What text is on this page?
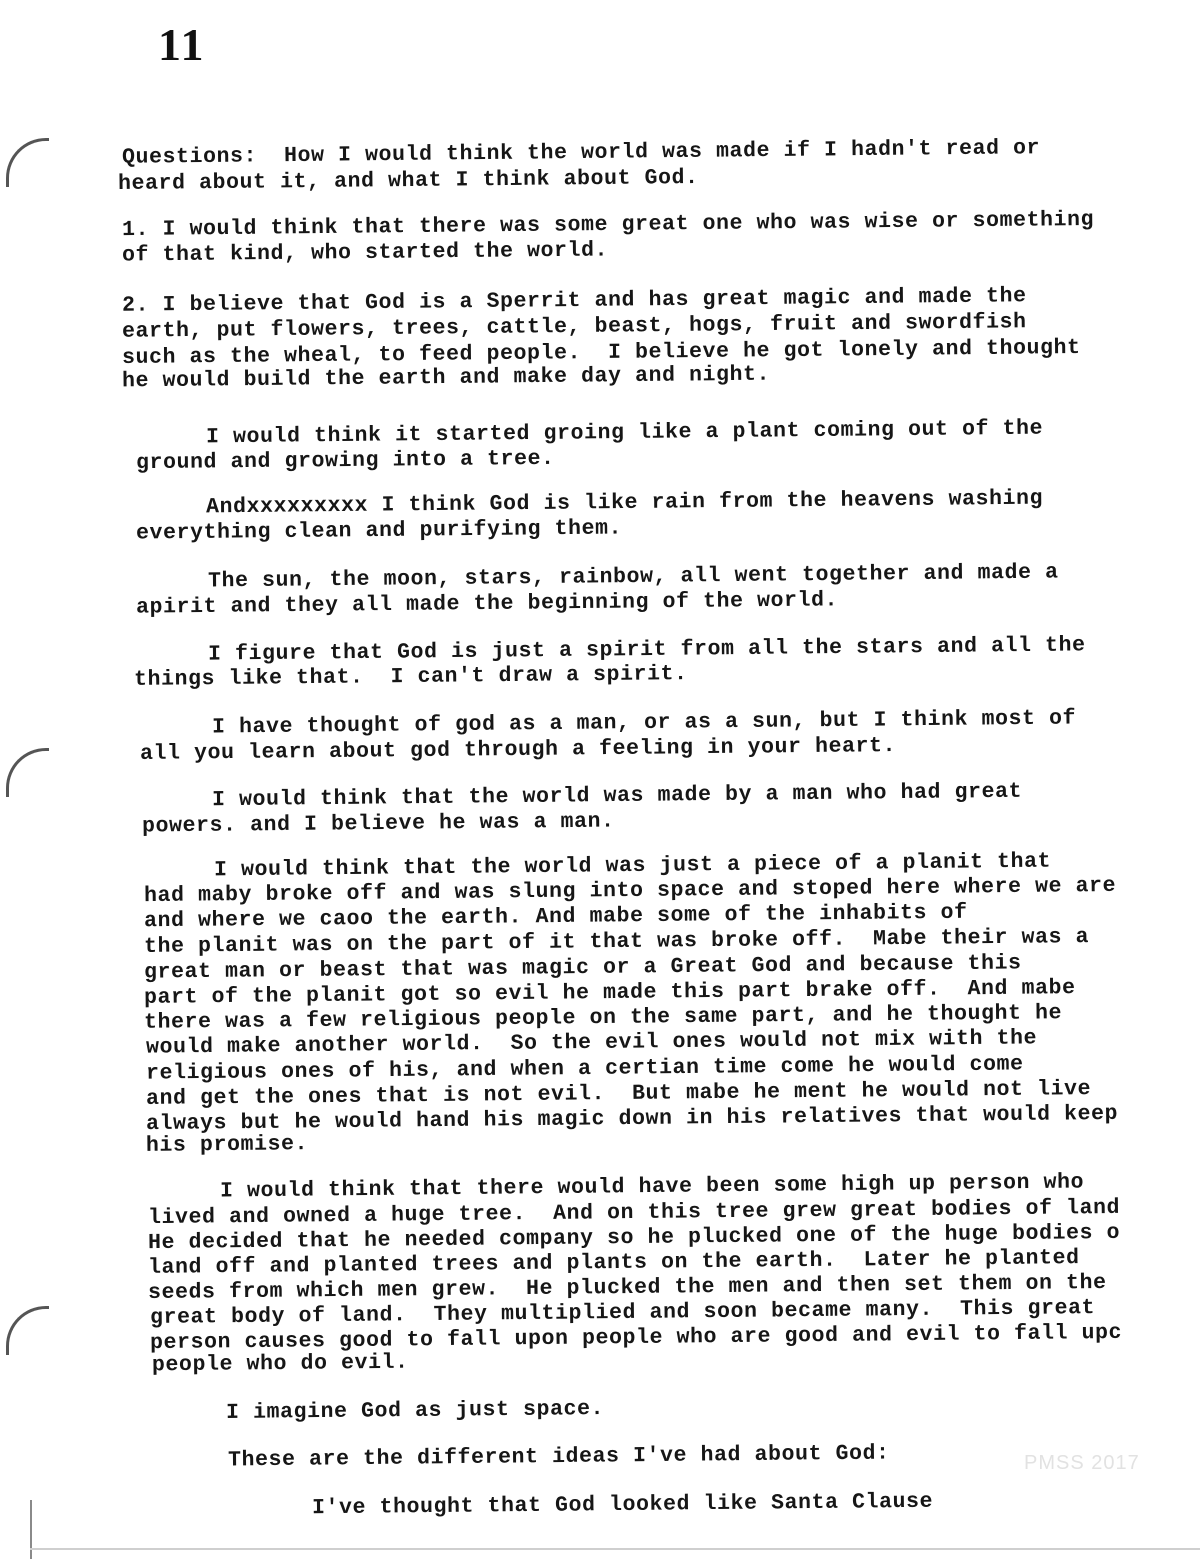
11
Questions:  How I would think the world was made if I hadn't read or
heard about it, and what I think about God.
1. I would think that there was some great one who was wise or something
of that kind, who started the world.
2. I believe that God is a Sperrit and has great magic and made the
earth, put flowers, trees, cattle, beast, hogs, fruit and swordfish
such as the wheal, to feed people.  I believe he got lonely and thought
he would build the earth and make day and night.
I would think it started groing like a plant coming out of the
ground and growing into a tree.
Andxxxxxxxxx I think God is like rain from the heavens washing
everything clean and purifying them.
The sun, the moon, stars, rainbow, all went together and made a
apirit and they all made the beginning of the world.
I figure that God is just a spirit from all the stars and all the
things like that.  I can't draw a spirit.
I have thought of god as a man, or as a sun, but I think most of
all you learn about god through a feeling in your heart.
I would think that the world was made by a man who had great
powers. and I believe he was a man.
I would think that the world was just a piece of a planit that
had maby broke off and was slung into space and stoped here where we are
and where we caoo the earth. And mabe some of the inhabits of
the planit was on the part of it that was broke off.  Mabe their was a
great man or beast that was magic or a Great God and because this
part of the planit got so evil he made this part brake off.  And mabe
there was a few religious people on the same part, and he thought he
would make another world.  So the evil ones would not mix with the
religious ones of his, and when a certian time come he would come
and get the ones that is not evil.  But mabe he ment he would not live
always but he would hand his magic down in his relatives that would keep
his promise.
I would think that there would have been some high up person who
lived and owned a huge tree.  And on this tree grew great bodies of land
He decided that he needed company so he plucked one of the huge bodies o
land off and planted trees and plants on the earth.  Later he planted
seeds from which men grew.  He plucked the men and then set them on the
great body of land.  They multiplied and soon became many.  This great
person causes good to fall upon people who are good and evil to fall upc
people who do evil.
I imagine God as just space.
These are the different ideas I've had about God:
I've thought that God looked like Santa Clause
PMSS 2017
